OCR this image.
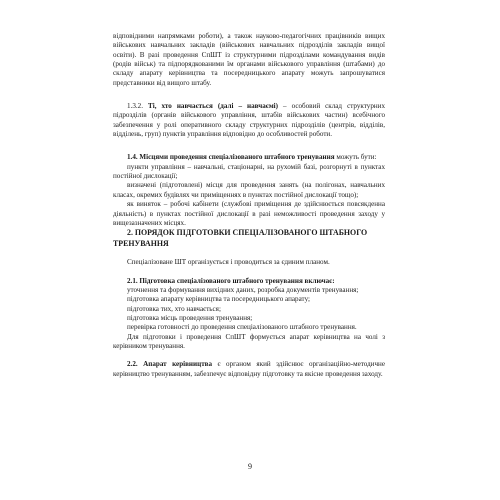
відповідними напрямками роботи), а також науково-педагогічних працівників вищих військових навчальних закладів (військових навчальних підрозділів закладів вищої освіти). В разі проведення СпШТ із структурними підрозділами командування видів (родів військ) та підпорядкованими їм органами військового управління (штабами) до складу апарату керівництва та посередницького апарату можуть запрошуватися представники від вищого штабу.

1.3.2. Ті, хто навчається (далі – навчаємі) – особовий склад структурних підрозділів (органів військового управління, штабів військових частин) всебічного забезпечення у ролі оперативного складу структурних підрозділів (центрів, відділів, відділень, груп) пунктів управління відповідно до особливостей роботи.

1.4. Місцями проведення спеціалізованого штабного тренування можуть бути:

пункти управління – навчальні, стаціонарні, на рухомій базі, розгорнуті в пунктах постійної дислокації;

визначені (підготовлені) місця для проведення занять (на полігонах, навчальних класах, окремих будівлях чи приміщеннях в пунктах постійної дислокації тощо);

як виняток – робочі кабінети (службові приміщення де здійснюється повсякденна діяльність) в пунктах постійної дислокації в разі неможливості проведення заходу у вищезазначених місцях.

2. ПОРЯДОК ПІДГОТОВКИ СПЕЦІАЛІЗОВАНОГО ШТАБНОГО ТРЕНУВАННЯ

Спеціалізоване ШТ організується і проводиться за єдиним планом.

2.1. Підготовка спеціалізованого штабного тренування включає:

уточнення та формування вихідних даних, розробка документів тренування;

підготовка апарату керівництва та посередницького апарату;

підготовка тих, хто навчається;

підготовка місць проведення тренування;

перевірка готовності до проведення спеціалізованого штабного тренування.

Для підготовки і проведення СпШТ формується апарат керівництва на чолі з керівником тренування.

2.2. Апарат керівництва є органом який здійснює організаційно-методичне керівництво тренуванням, забезпечує відповідну підготовку та якісне проведення заходу.

9
